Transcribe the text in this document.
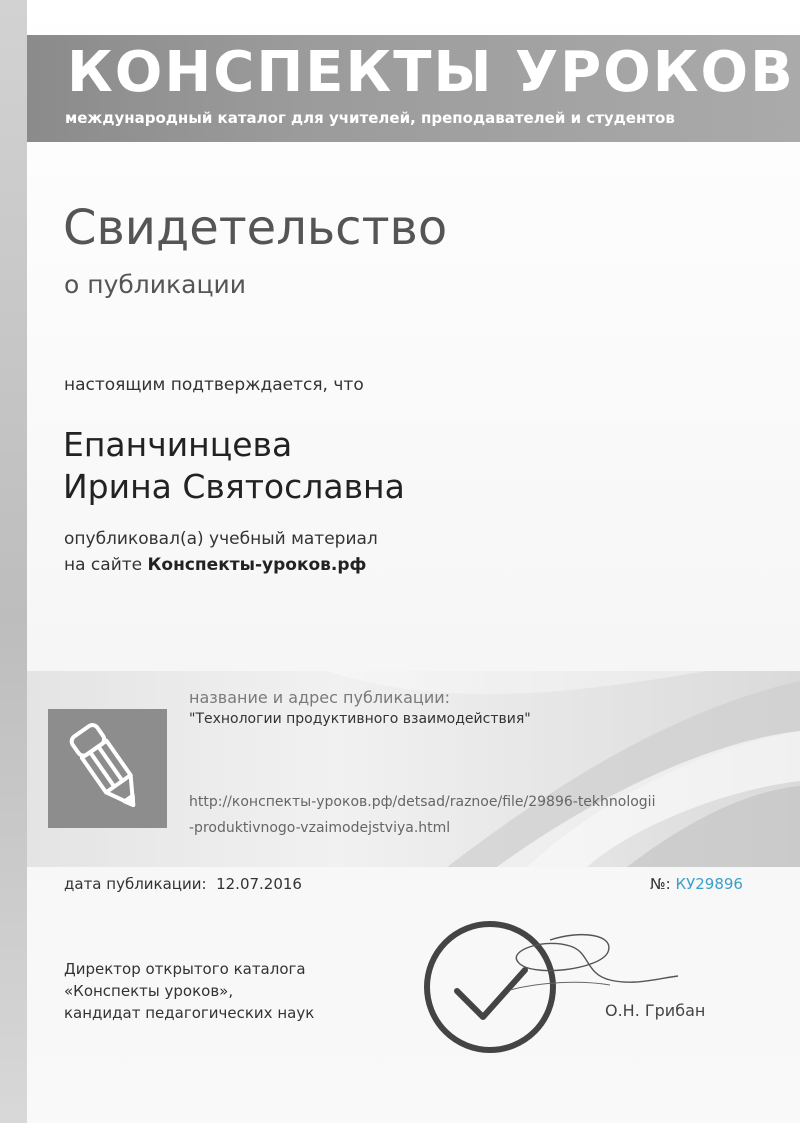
КОНСПЕКТЫ УРОКОВ
международный каталог для учителей, преподавателей и студентов
Свидетельство
о публикации
настоящим подтверждается, что
Епанчинцева
Ирина Святославна
опубликовал(а) учебный материал
на сайте Конспекты-уроков.рф
название и адрес публикации:
"Технологии продуктивного взаимодействия"
http://конспекты-уроков.рф/detsad/raznoe/file/29896-tekhnologii
-produktivnogo-vzaimodejstviya.html
дата публикации: 12.07.2016	№: КУ29896
Директор открытого каталога
«Конспекты уроков»,
кандидат педагогических наук	О.Н. Грибан
